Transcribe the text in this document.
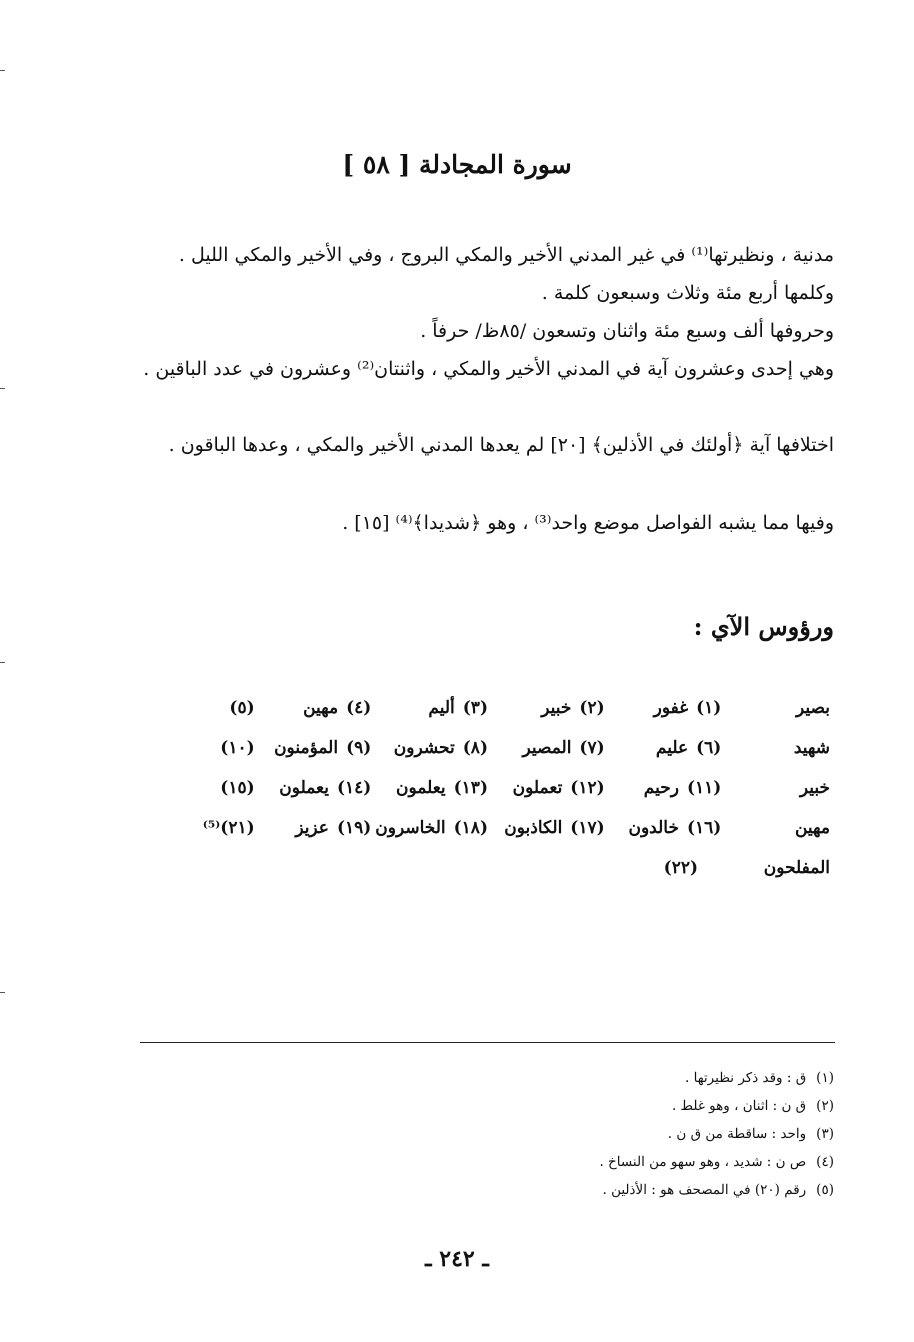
سورة المجادلة [ ٥٨ ]
مدنية ، ونظيرتها⁽¹⁾ في غير المدني الأخير والمكي البروج ، وفي الأخير والمكي الليل .
وكلمها أربع مئة وثلاث وسبعون كلمة .
وحروفها ألف وسبع مئة واثنان وتسعون /٨٥ظ/ حرفاً .
وهي إحدى وعشرون آية في المدني الأخير والمكي ، واثنتان⁽²⁾ وعشرون في عدد الباقين .
اختلافها آية ﴿أولئك في الأذلين﴾ [٢٠] لم يعدها المدني الأخير والمكي ، وعدها الباقون .
وفيها مما يشبه الفواصل موضع واحد⁽³⁾ ، وهو ﴿شديدا﴾⁽⁴⁾ [١٥] .
ورؤوس الآي :
بصير
(١)غفور
(٢)خبير
(٣)أليم
(٤)مهين
(٥)
شهيد
(٦)عليم
(٧)المصير
(٨)تحشرون
(٩)المؤمنون
(١٠)
خبير
(١١)رحيم
(١٢)تعملون
(١٣)يعلمون
(١٤)يعملون
(١٥)
مهين
(١٦)خالدون
(١٧)الكاذبون
(١٨)الخاسرون
(١٩)عزيز
(٢١)⁽⁵⁾
المفلحون
(٢٢)
(١)ق : وقد ذكر نظيرتها .
(٢)ق ن : اثنان ، وهو غلط .
(٣)واحد : ساقطة من ق ن .
(٤)ص ن : شديد ، وهو سهو من النساخ .
(٥)رقم (٢٠) في المصحف هو : الأذلين .
ـ ٢٤٢ ـ
